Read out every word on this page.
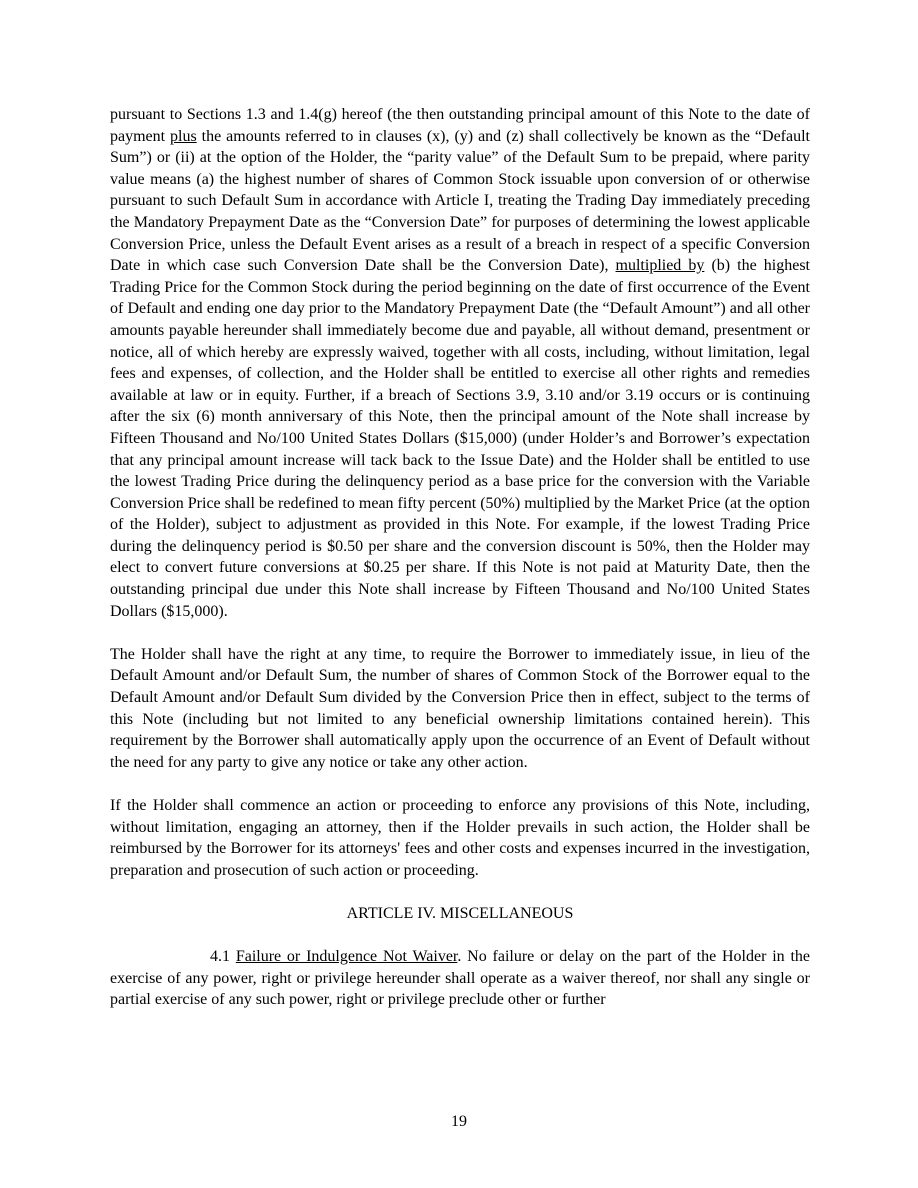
pursuant to Sections 1.3 and 1.4(g) hereof (the then outstanding principal amount of this Note to the date of payment plus the amounts referred to in clauses (x), (y) and (z) shall collectively be known as the “Default Sum”) or (ii) at the option of the Holder, the “parity value” of the Default Sum to be prepaid, where parity value means (a) the highest number of shares of Common Stock issuable upon conversion of or otherwise pursuant to such Default Sum in accordance with Article I, treating the Trading Day immediately preceding the Mandatory Prepayment Date as the “Conversion Date” for purposes of determining the lowest applicable Conversion Price, unless the Default Event arises as a result of a breach in respect of a specific Conversion Date in which case such Conversion Date shall be the Conversion Date), multiplied by (b) the highest Trading Price for the Common Stock during the period beginning on the date of first occurrence of the Event of Default and ending one day prior to the Mandatory Prepayment Date (the “Default Amount”) and all other amounts payable hereunder shall immediately become due and payable, all without demand, presentment or notice, all of which hereby are expressly waived, together with all costs, including, without limitation, legal fees and expenses, of collection, and the Holder shall be entitled to exercise all other rights and remedies available at law or in equity. Further, if a breach of Sections 3.9, 3.10 and/or 3.19 occurs or is continuing after the six (6) month anniversary of this Note, then the principal amount of the Note shall increase by Fifteen Thousand and No/100 United States Dollars ($15,000) (under Holder’s and Borrower’s expectation that any principal amount increase will tack back to the Issue Date) and the Holder shall be entitled to use the lowest Trading Price during the delinquency period as a base price for the conversion with the Variable Conversion Price shall be redefined to mean fifty percent (50%) multiplied by the Market Price (at the option of the Holder), subject to adjustment as provided in this Note. For example, if the lowest Trading Price during the delinquency period is $0.50 per share and the conversion discount is 50%, then the Holder may elect to convert future conversions at $0.25 per share. If this Note is not paid at Maturity Date, then the outstanding principal due under this Note shall increase by Fifteen Thousand and No/100 United States Dollars ($15,000).

The Holder shall have the right at any time, to require the Borrower to immediately issue, in lieu of the Default Amount and/or Default Sum, the number of shares of Common Stock of the Borrower equal to the Default Amount and/or Default Sum divided by the Conversion Price then in effect, subject to the terms of this Note (including but not limited to any beneficial ownership limitations contained herein). This requirement by the Borrower shall automatically apply upon the occurrence of an Event of Default without the need for any party to give any notice or take any other action.

If the Holder shall commence an action or proceeding to enforce any provisions of this Note, including, without limitation, engaging an attorney, then if the Holder prevails in such action, the Holder shall be reimbursed by the Borrower for its attorneys' fees and other costs and expenses incurred in the investigation, preparation and prosecution of such action or proceeding.

ARTICLE IV. MISCELLANEOUS

4.1 Failure or Indulgence Not Waiver. No failure or delay on the part of the Holder in the exercise of any power, right or privilege hereunder shall operate as a waiver thereof, nor shall any single or partial exercise of any such power, right or privilege preclude other or further

19
